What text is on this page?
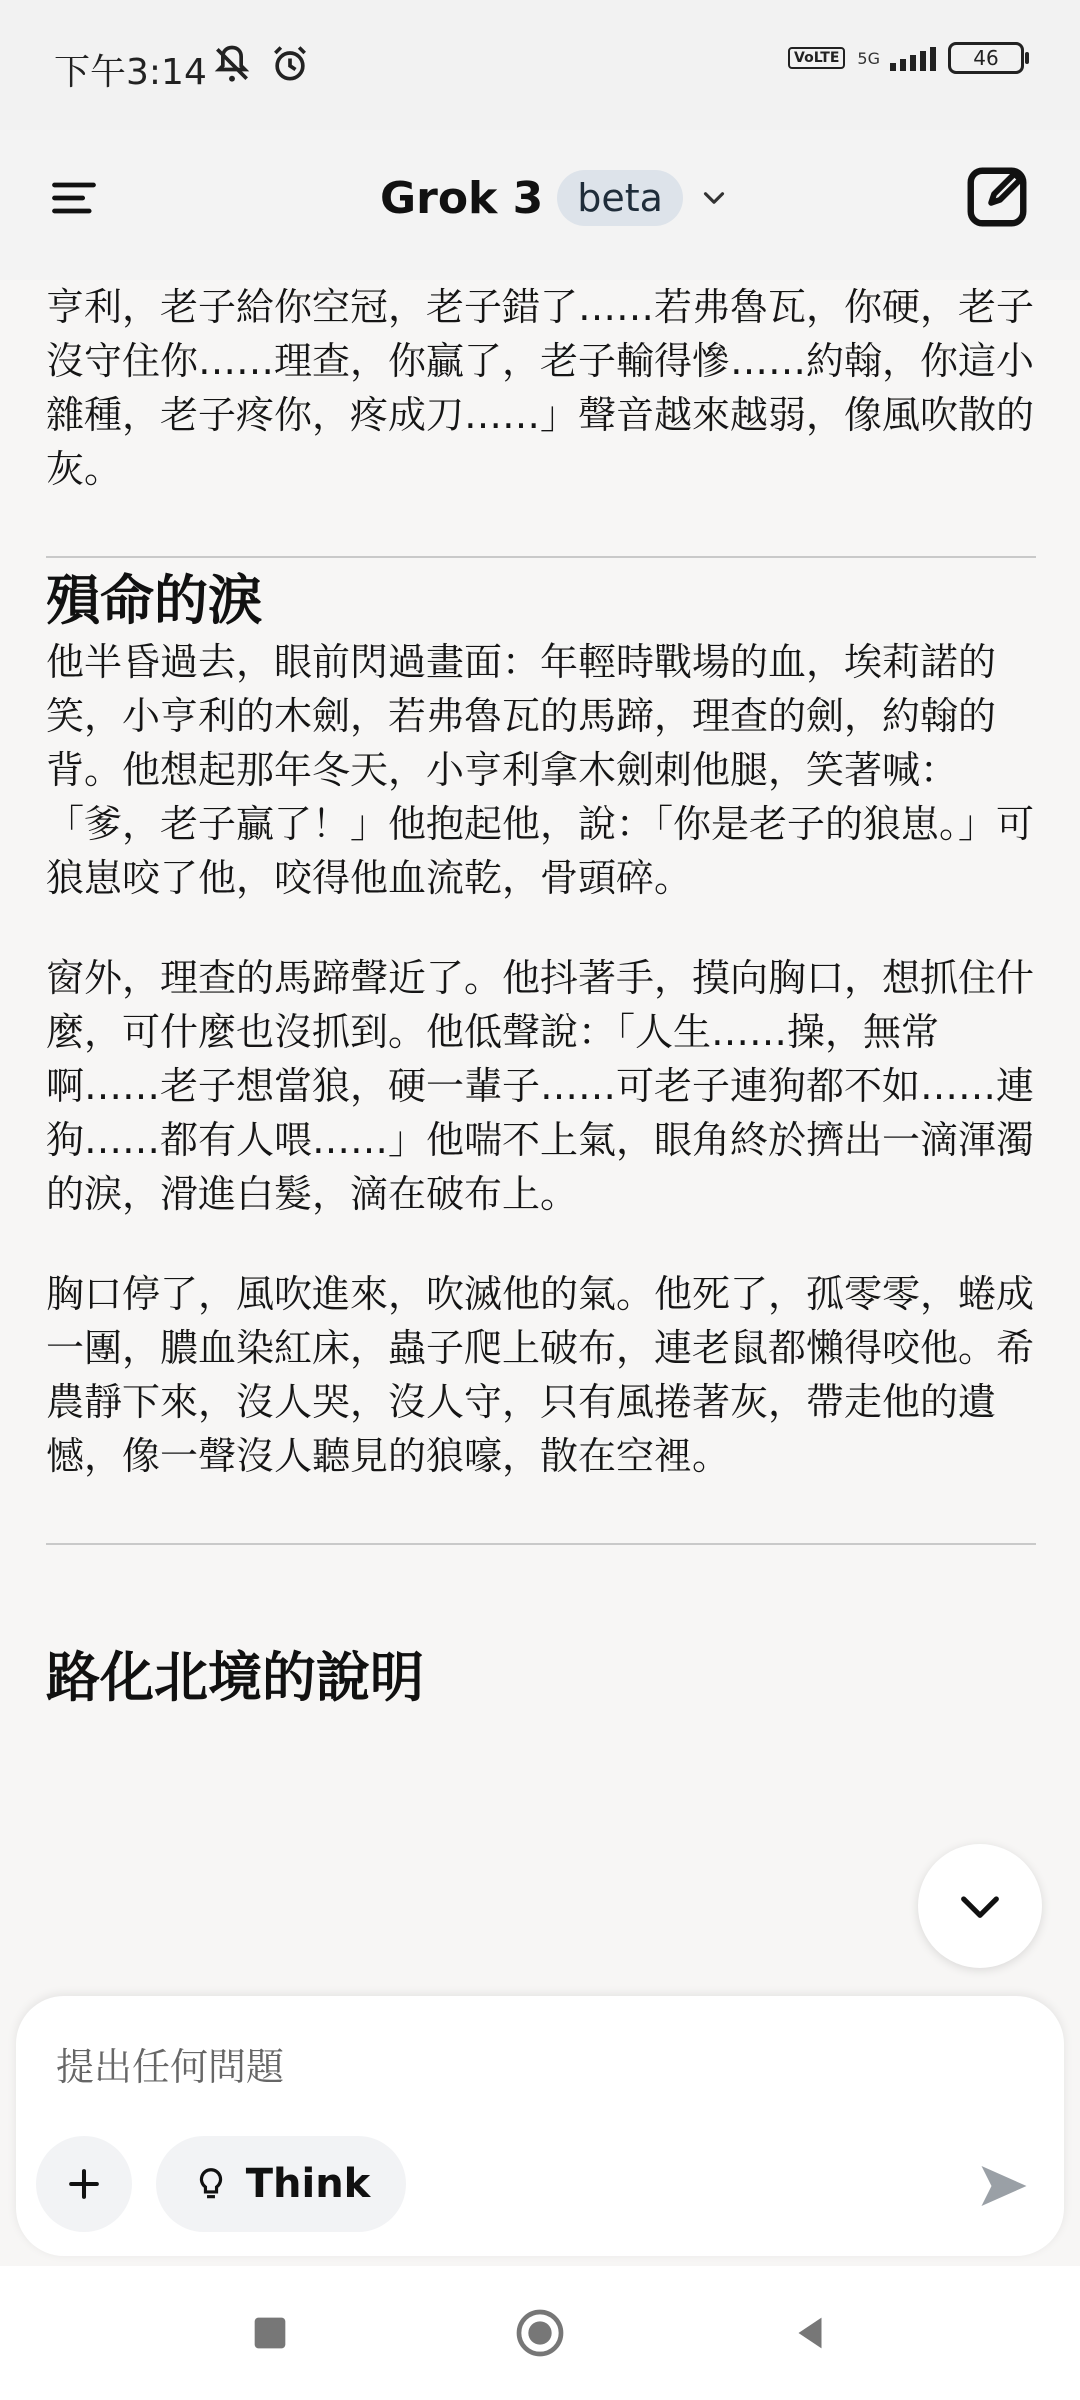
下午3:14	VoLTE	5G	46
Grok 3 beta

亨利，老子給你空冠，老子錯了……若弗魯瓦，你硬，老子沒守住你……理查，你贏了，老子輸得慘……約翰，你這小雜種，老子疼你，疼成刀……」聲音越來越弱，像風吹散的灰。

殞命的淚

他半昏過去，眼前閃過畫面：年輕時戰場的血，埃莉諾的笑，小亨利的木劍，若弗魯瓦的馬蹄，理查的劍，約翰的背。他想起那年冬天，小亨利拿木劍刺他腿，笑著喊：「爹，老子贏了！」他抱起他，說：「你是老子的狼崽。」可狼崽咬了他，咬得他血流乾，骨頭碎。

窗外，理查的馬蹄聲近了。他抖著手，摸向胸口，想抓住什麼，可什麼也沒抓到。他低聲說：「人生……操，無常啊……老子想當狼，硬一輩子……可老子連狗都不如……連狗……都有人喂……」他喘不上氣，眼角終於擠出一滴渾濁的淚，滑進白髮，滴在破布上。

胸口停了，風吹進來，吹滅他的氣。他死了，孤零零，蜷成一團，膿血染紅床，蟲子爬上破布，連老鼠都懶得咬他。希農靜下來，沒人哭，沒人守，只有風捲著灰，帶走他的遺憾，像一聲沒人聽見的狼嚎，散在空裡。

路化北境的說明
提出任何問題
Think
